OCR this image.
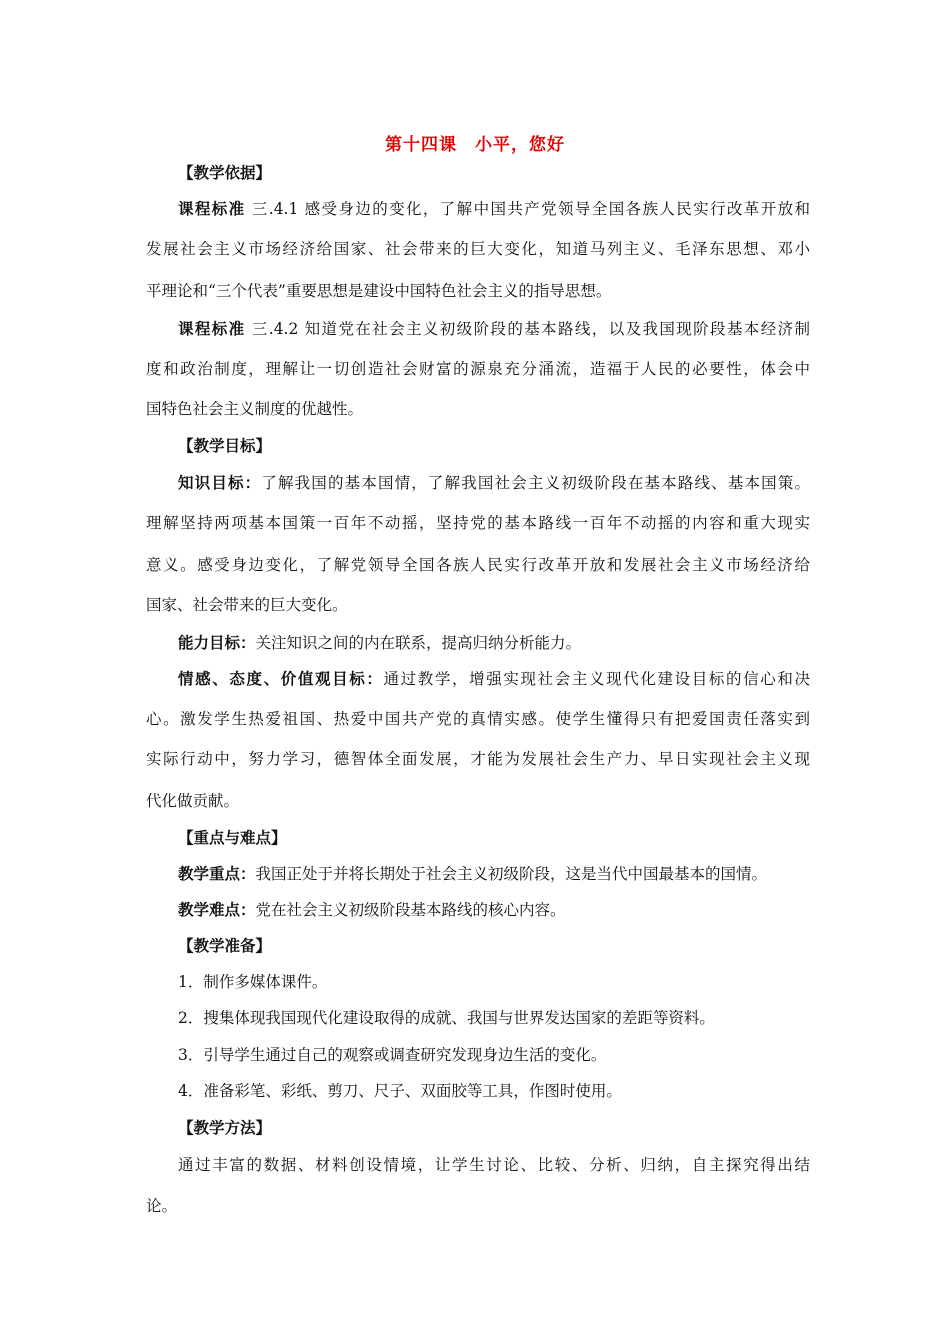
第十四课　小平，您好
【教学依据】
课程标准 三.4.1 感受身边的变化，了解中国共产党领导全国各族人民实行改革开放和
发展社会主义市场经济给国家、社会带来的巨大变化，知道马列主义、毛泽东思想、邓小
平理论和“三个代表”重要思想是建设中国特色社会主义的指导思想。
课程标准 三.4.2 知道党在社会主义初级阶段的基本路线，以及我国现阶段基本经济制
度和政治制度，理解让一切创造社会财富的源泉充分涌流，造福于人民的必要性，体会中
国特色社会主义制度的优越性。
【教学目标】
知识目标：了解我国的基本国情，了解我国社会主义初级阶段在基本路线、基本国策。
理解坚持两项基本国策一百年不动摇，坚持党的基本路线一百年不动摇的内容和重大现实
意义。感受身边变化，了解党领导全国各族人民实行改革开放和发展社会主义市场经济给
国家、社会带来的巨大变化。
能力目标：关注知识之间的内在联系，提高归纳分析能力。
情感、态度、价值观目标：通过教学，增强实现社会主义现代化建设目标的信心和决
心。激发学生热爱祖国、热爱中国共产党的真情实感。使学生懂得只有把爱国责任落实到
实际行动中，努力学习，德智体全面发展，才能为发展社会生产力、早日实现社会主义现
代化做贡献。
【重点与难点】
教学重点：我国正处于并将长期处于社会主义初级阶段，这是当代中国最基本的国情。
教学难点：党在社会主义初级阶段基本路线的核心内容。
【教学准备】
1．制作多媒体课件。
2．搜集体现我国现代化建设取得的成就、我国与世界发达国家的差距等资料。
3．引导学生通过自己的观察或调查研究发现身边生活的变化。
4．准备彩笔、彩纸、剪刀、尺子、双面胶等工具，作图时使用。
【教学方法】
通过丰富的数据、材料创设情境，让学生讨论、比较、分析、归纳，自主探究得出结
论。
